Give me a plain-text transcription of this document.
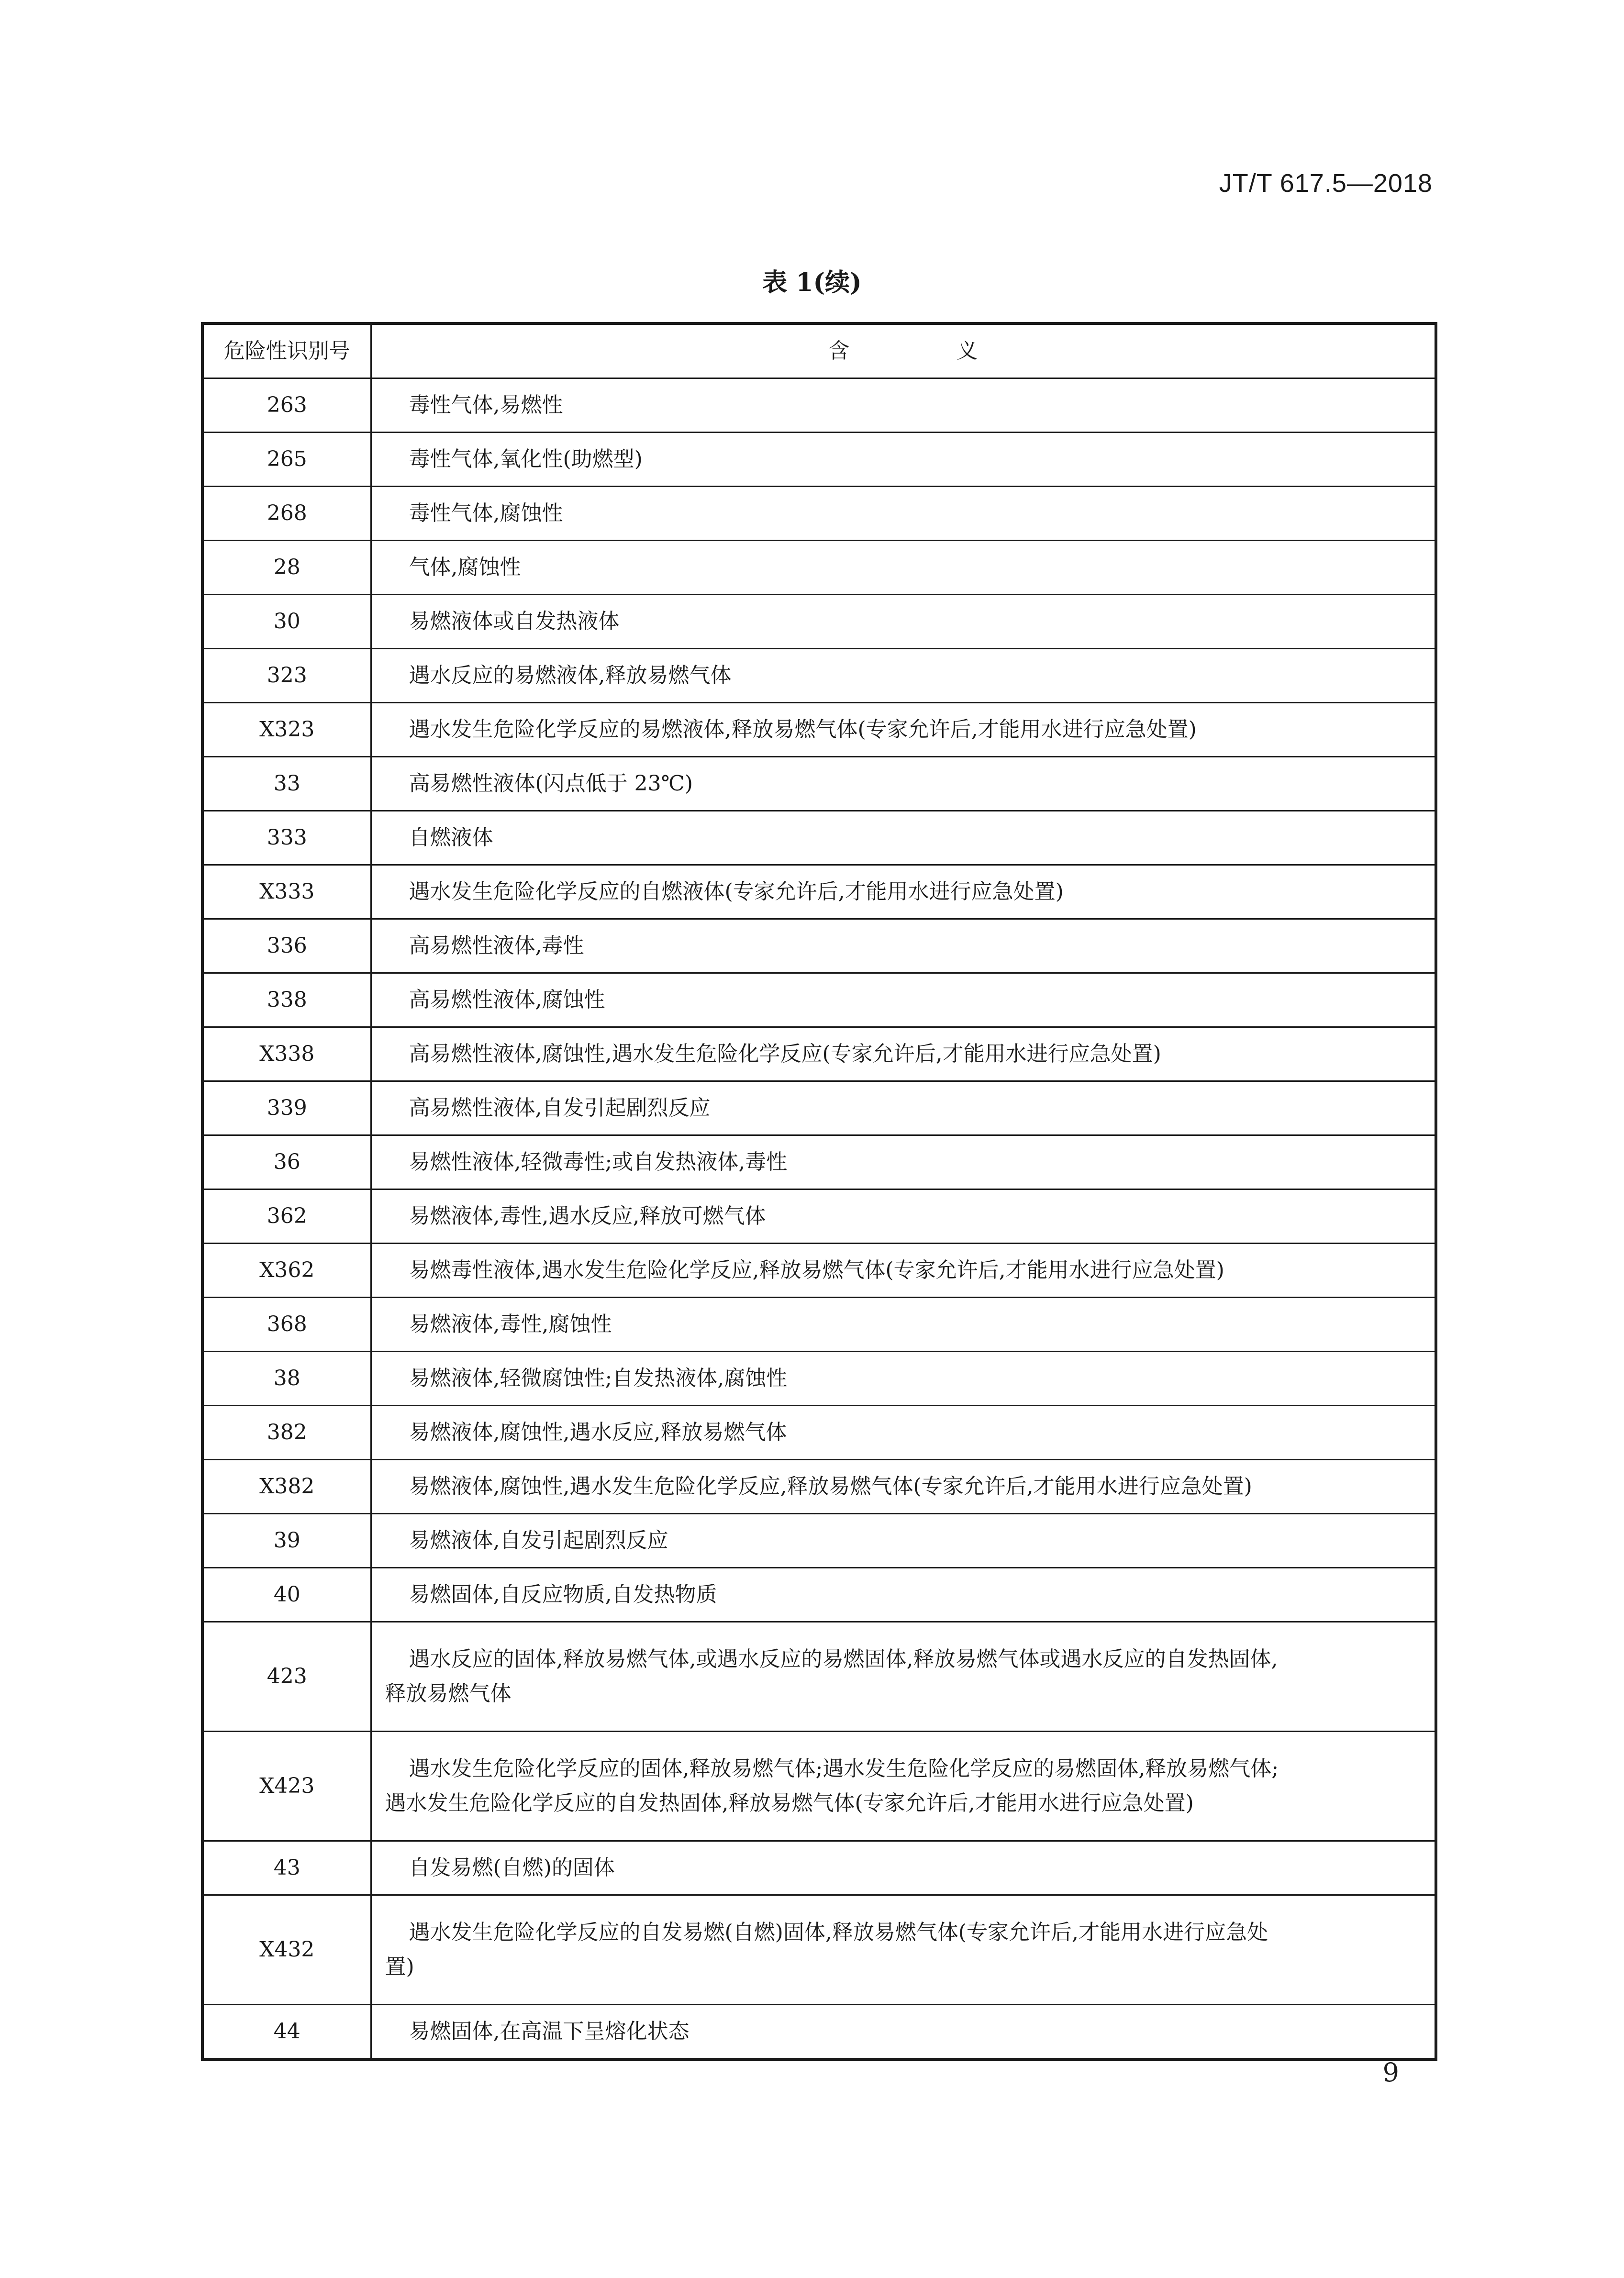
JT/T 617.5—2018
表 1(续)
危险性识别号	含　义
263	毒性气体,易燃性
265	毒性气体,氧化性(助燃型)
268	毒性气体,腐蚀性
28	气体,腐蚀性
30	易燃液体或自发热液体
323	遇水反应的易燃液体,释放易燃气体
X323	遇水发生危险化学反应的易燃液体,释放易燃气体(专家允许后,才能用水进行应急处置)
33	高易燃性液体(闪点低于 23℃)
333	自燃液体
X333	遇水发生危险化学反应的自燃液体(专家允许后,才能用水进行应急处置)
336	高易燃性液体,毒性
338	高易燃性液体,腐蚀性
X338	高易燃性液体,腐蚀性,遇水发生危险化学反应(专家允许后,才能用水进行应急处置)
339	高易燃性液体,自发引起剧烈反应
36	易燃性液体,轻微毒性;或自发热液体,毒性
362	易燃液体,毒性,遇水反应,释放可燃气体
X362	易燃毒性液体,遇水发生危险化学反应,释放易燃气体(专家允许后,才能用水进行应急处置)
368	易燃液体,毒性,腐蚀性
38	易燃液体,轻微腐蚀性;自发热液体,腐蚀性
382	易燃液体,腐蚀性,遇水反应,释放易燃气体
X382	易燃液体,腐蚀性,遇水发生危险化学反应,释放易燃气体(专家允许后,才能用水进行应急处置)
39	易燃液体,自发引起剧烈反应
40	易燃固体,自反应物质,自发热物质
423	遇水反应的固体,释放易燃气体,或遇水反应的易燃固体,释放易燃气体或遇水反应的自发热固体,
释放易燃气体

X423	遇水发生危险化学反应的固体,释放易燃气体;遇水发生危险化学反应的易燃固体,释放易燃气体;
遇水发生危险化学反应的自发热固体,释放易燃气体(专家允许后,才能用水进行应急处置)

43	自发易燃(自燃)的固体
X432	遇水发生危险化学反应的自发易燃(自燃)固体,释放易燃气体(专家允许后,才能用水进行应急处
置)

44	易燃固体,在高温下呈熔化状态
9
